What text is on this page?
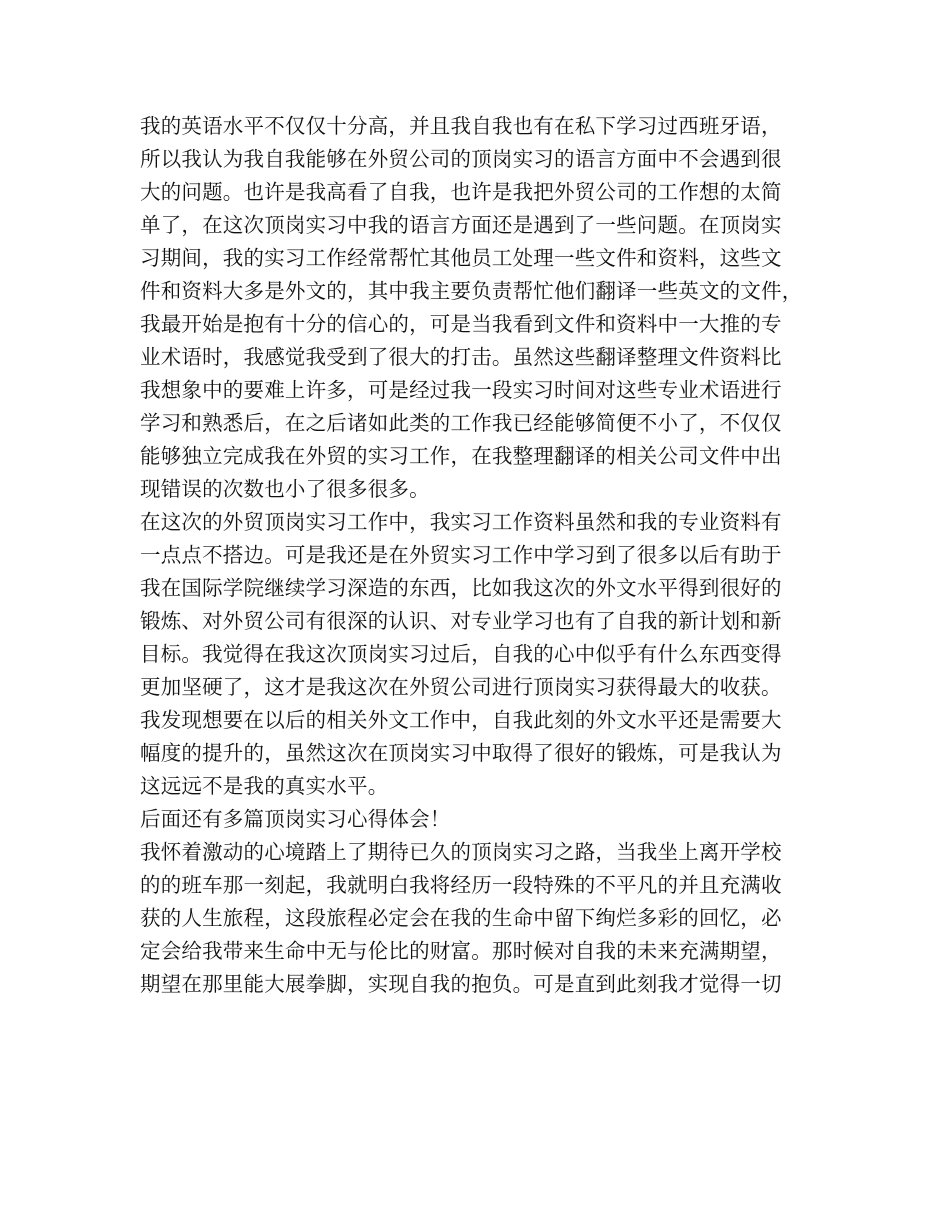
我的英语水平不仅仅十分高，并且我自我也有在私下学习过西班牙语，
所以我认为我自我能够在外贸公司的顶岗实习的语言方面中不会遇到很
大的问题。也许是我高看了自我，也许是我把外贸公司的工作想的太简
单了，在这次顶岗实习中我的语言方面还是遇到了一些问题。在顶岗实
习期间，我的实习工作经常帮忙其他员工处理一些文件和资料，这些文
件和资料大多是外文的，其中我主要负责帮忙他们翻译一些英文的文件，
我最开始是抱有十分的信心的，可是当我看到文件和资料中一大推的专
业术语时，我感觉我受到了很大的打击。虽然这些翻译整理文件资料比
我想象中的要难上许多，可是经过我一段实习时间对这些专业术语进行
学习和熟悉后，在之后诸如此类的工作我已经能够简便不小了，不仅仅
能够独立完成我在外贸的实习工作，在我整理翻译的相关公司文件中出
现错误的次数也小了很多很多。
在这次的外贸顶岗实习工作中，我实习工作资料虽然和我的专业资料有
一点点不搭边。可是我还是在外贸实习工作中学习到了很多以后有助于
我在国际学院继续学习深造的东西，比如我这次的外文水平得到很好的
锻炼、对外贸公司有很深的认识、对专业学习也有了自我的新计划和新
目标。我觉得在我这次顶岗实习过后，自我的心中似乎有什么东西变得
更加坚硬了，这才是我这次在外贸公司进行顶岗实习获得最大的收获。
我发现想要在以后的相关外文工作中，自我此刻的外文水平还是需要大
幅度的提升的，虽然这次在顶岗实习中取得了很好的锻炼，可是我认为
这远远不是我的真实水平。
后面还有多篇顶岗实习心得体会！
我怀着激动的心境踏上了期待已久的顶岗实习之路，当我坐上离开学校
的的班车那一刻起，我就明白我将经历一段特殊的不平凡的并且充满收
获的人生旅程，这段旅程必定会在我的生命中留下绚烂多彩的回忆，必
定会给我带来生命中无与伦比的财富。那时候对自我的未来充满期望，
期望在那里能大展拳脚，实现自我的抱负。可是直到此刻我才觉得一切
